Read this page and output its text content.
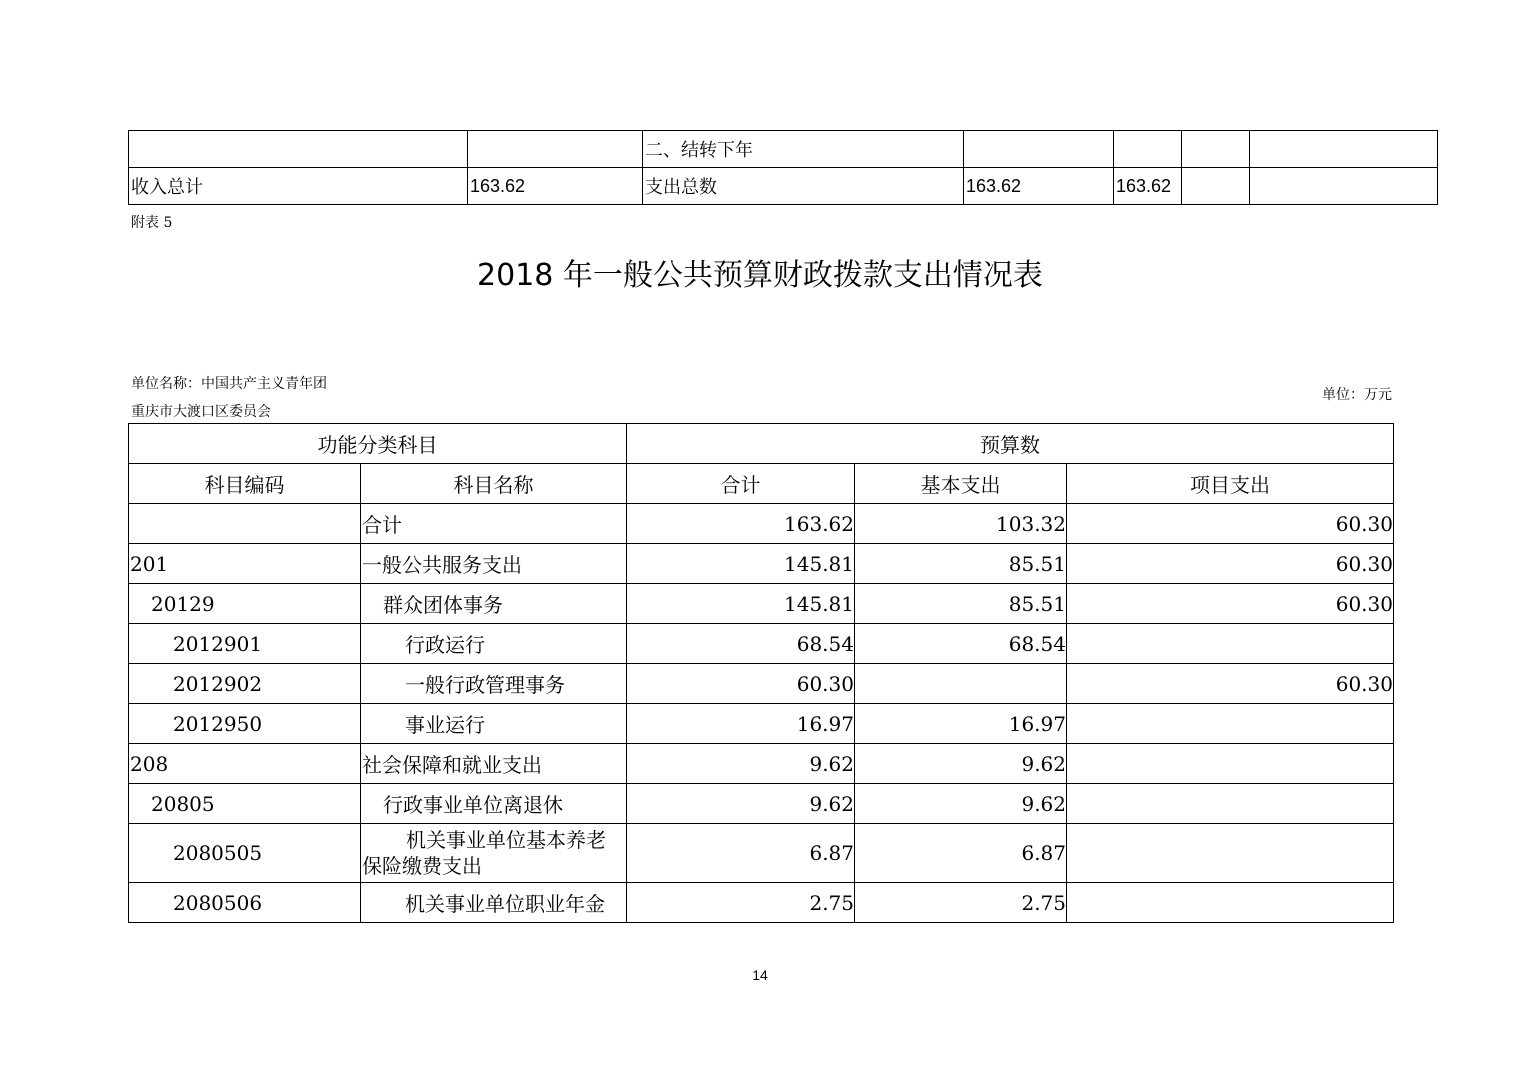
		二、结转下年				
收入总计	163.62	支出总数	163.62	163.62		
附表 5
2018 年一般公共预算财政拨款支出情况表
单位名称：中国共产主义青年团
重庆市大渡口区委员会
单位：万元
功能分类科目		预算数		
科目编码	科目名称	合计	基本支出	项目支出
	合计	163.62	103.32	60.30
201	一般公共服务支出	145.81	85.51	60.30
20129	群众团体事务	145.81	85.51	60.30
2012901	行政运行	68.54	68.54	
2012902	一般行政管理事务	60.30		60.30
2012950	事业运行	16.97	16.97	
208	社会保障和就业支出	9.62	9.62	
20805	行政事业单位离退休	9.62	9.62	
2080505	机关事业单位基本养老
保险缴费支出	6.87	6.87	
2080506	机关事业单位职业年金	2.75	2.75	
14
